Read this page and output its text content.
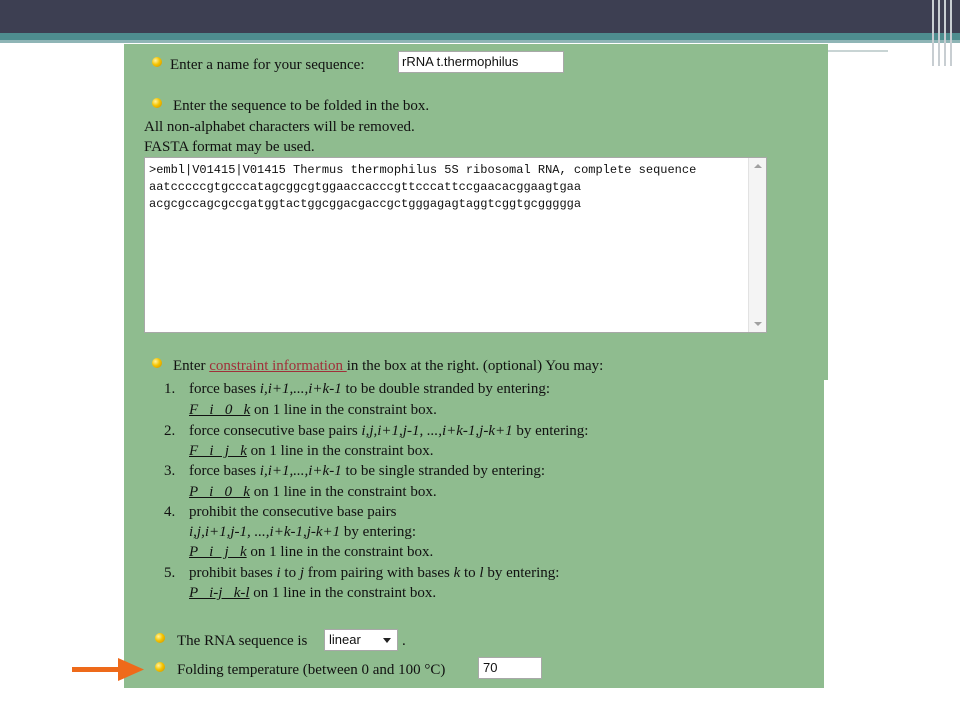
Enter a name for your sequence:	rRNA t.thermophilus
Enter the sequence to be folded in the box.
All non-alphabet characters will be removed.
FASTA format may be used.
>embl|V01415|V01415 Thermus thermophilus 5S ribosomal RNA, complete sequence
aatcccccgtgcccatagcggcgtggaaccacccgttcccattccgaacacggaagtgaa
acgcgccagcgccgatggtactggcggacgaccgctgggagagtaggtcggtgcgggggа
Enter constraint information in the box at the right. (optional) You may:
1. force bases i,i+1,...,i+k-1 to be double stranded by entering:
F   i   0   k on 1 line in the constraint box.
2. force consecutive base pairs i,j,i+1,j-1, ...,i+k-1,j-k+1 by entering:
F   i   j   k on 1 line in the constraint box.
3. force bases i,i+1,...,i+k-1 to be single stranded by entering:
P   i   0   k on 1 line in the constraint box.
4. prohibit the consecutive base pairs
i,j,i+1,j-1, ...,i+k-1,j-k+1 by entering:
P   i   j   k on 1 line in the constraint box.
5. prohibit bases i to j from pairing with bases k to l by entering:
P   i-j   k-l on 1 line in the constraint box.
The RNA sequence is	linear	.
Folding temperature (between 0 and 100 °C)	70
